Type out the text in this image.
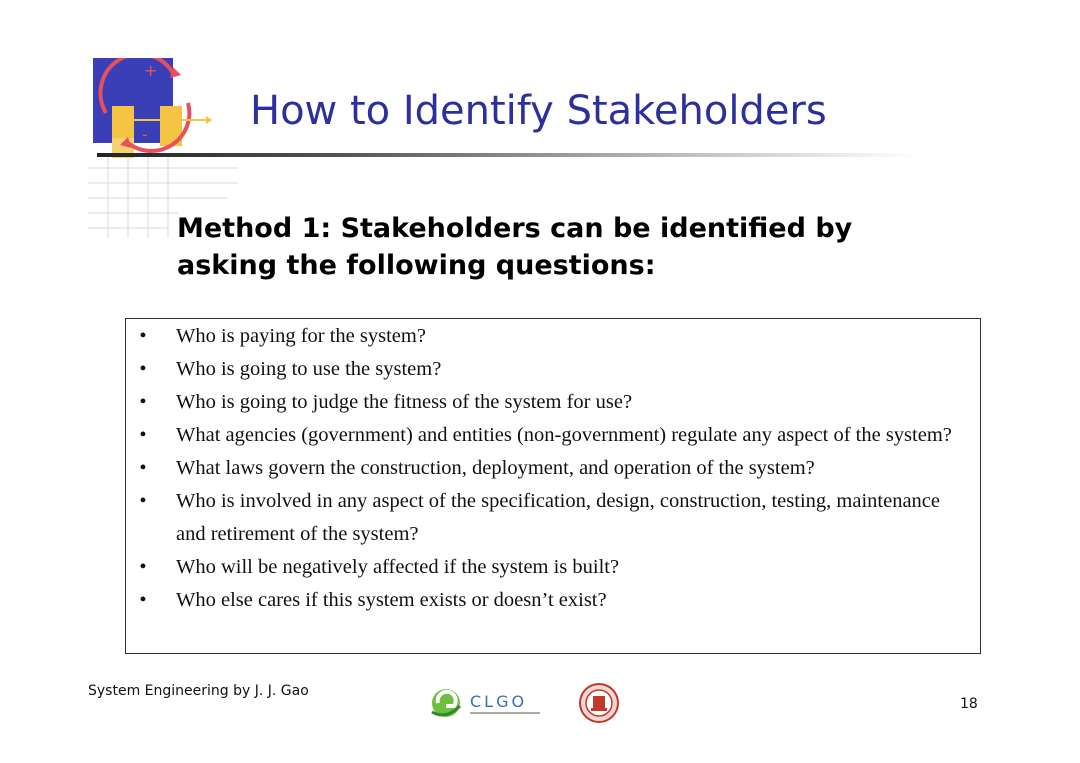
+
-
How to Identify Stakeholders
Method 1: Stakeholders can be identified by asking the following questions:
• Who is paying for the system?
• Who is going to use the system?
• Who is going to judge the fitness of the system for use?
• What agencies (government) and entities (non-government) regulate any aspect of the system?
• What laws govern the construction, deployment, and operation of the system?
• Who is involved in any aspect of the specification, design, construction, testing, maintenance and retirement of the system?
• Who will be negatively affected if the system is built?
• Who else cares if this system exists or doesn’t exist?
System Engineering by J. J. Gao
CLGO	18
